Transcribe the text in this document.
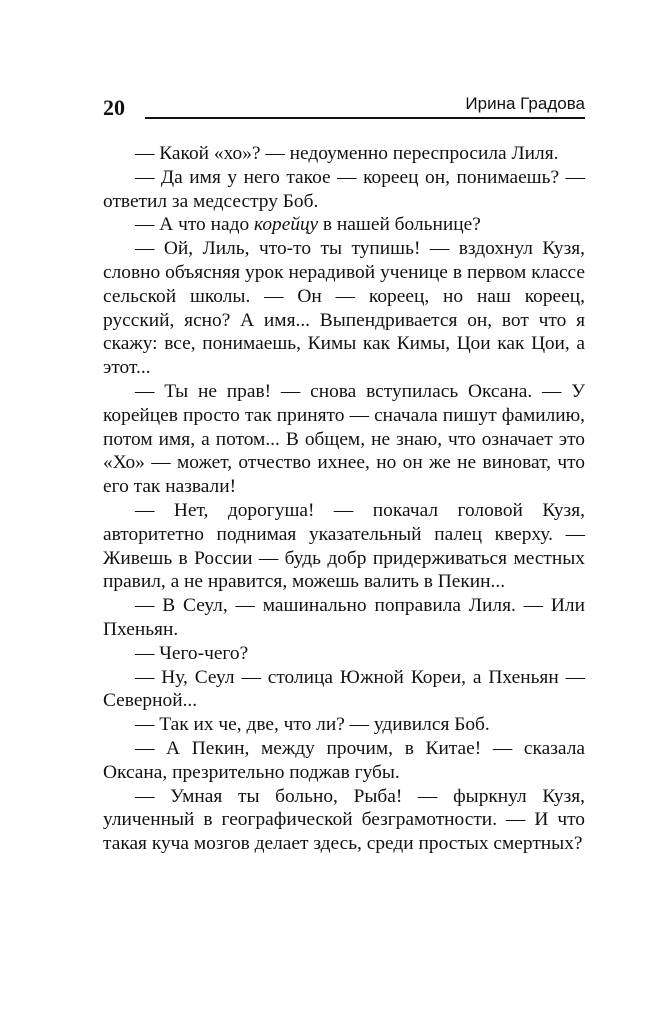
20	Ирина Градова

— Какой «хо»? — недоуменно переспросила Лиля.

— Да имя у него такое — кореец он, понимаешь? — ответил за медсестру Боб.

— А что надо корейцу в нашей больнице?

— Ой, Лиль, что-то ты тупишь! — вздохнул Кузя, словно объясняя урок нерадивой ученице в первом классе сельской школы. — Он — кореец, но наш кореец, русский, ясно? А имя... Выпендривается он, вот что я скажу: все, понимаешь, Кимы как Кимы, Цои как Цои, а этот...

— Ты не прав! — снова вступилась Оксана. — У корейцев просто так принято — сначала пишут фамилию, потом имя, а потом... В общем, не знаю, что означает это «Хо» — может, отчество ихнее, но он же не виноват, что его так назвали!

— Нет, дорогуша! — покачал головой Кузя, авторитетно поднимая указательный палец кверху. — Живешь в России — будь добр придерживаться местных правил, а не нравится, можешь валить в Пекин...

— В Сеул, — машинально поправила Лиля. — Или Пхеньян.

— Чего-чего?

— Ну, Сеул — столица Южной Кореи, а Пхеньян — Северной...

— Так их че, две, что ли? — удивился Боб.

— А Пекин, между прочим, в Китае! — сказала Оксана, презрительно поджав губы.

— Умная ты больно, Рыба! — фыркнул Кузя, уличенный в географической безграмотности. — И что такая куча мозгов делает здесь, среди простых смертных?
